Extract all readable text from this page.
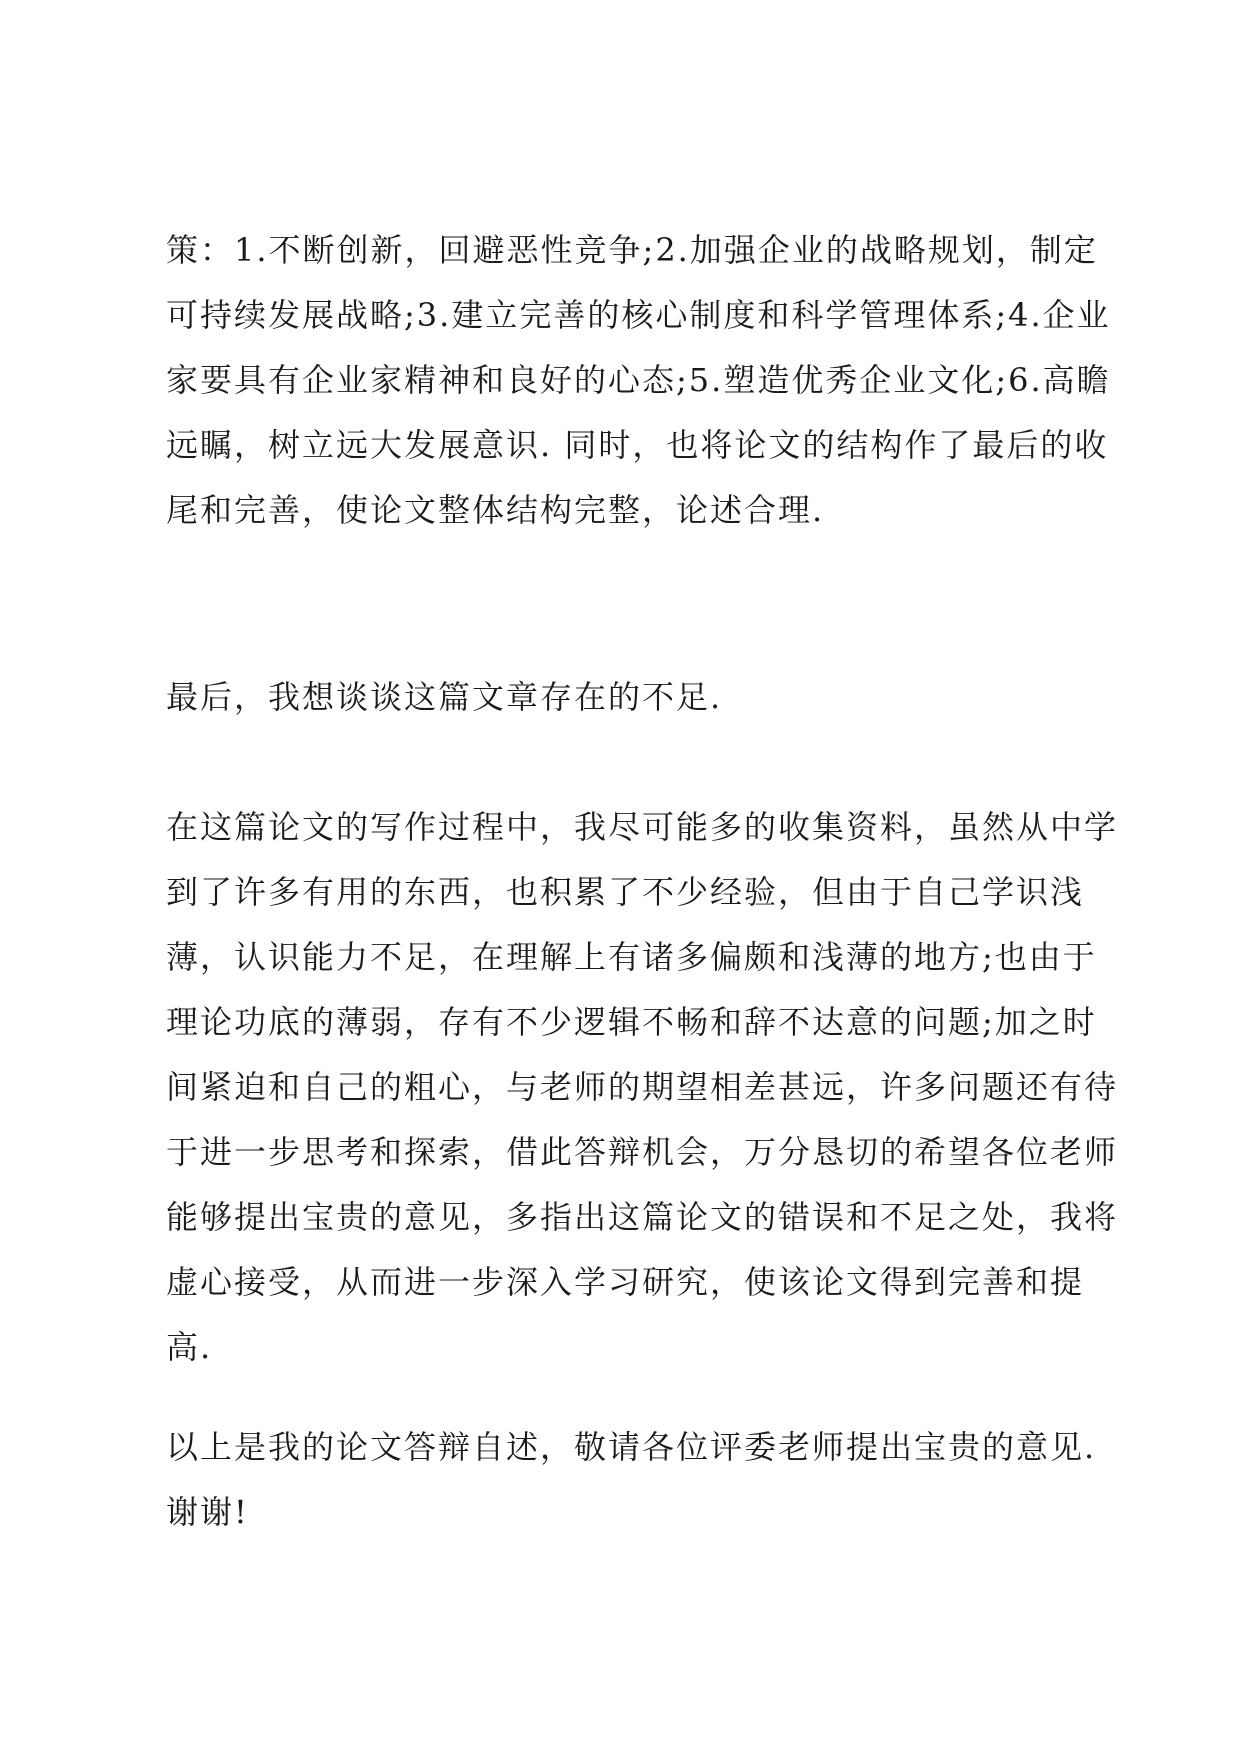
策：1.不断创新，回避恶性竞争;2.加强企业的战略规划，制定
可持续发展战略;3.建立完善的核心制度和科学管理体系;4.企业
家要具有企业家精神和良好的心态;5.塑造优秀企业文化;6.高瞻
远瞩，树立远大发展意识. 同时，也将论文的结构作了最后的收
尾和完善，使论文整体结构完整，论述合理.
最后，我想谈谈这篇文章存在的不足.
在这篇论文的写作过程中，我尽可能多的收集资料，虽然从中学
到了许多有用的东西，也积累了不少经验，但由于自己学识浅
薄，认识能力不足，在理解上有诸多偏颇和浅薄的地方;也由于
理论功底的薄弱，存有不少逻辑不畅和辞不达意的问题;加之时
间紧迫和自己的粗心，与老师的期望相差甚远，许多问题还有待
于进一步思考和探索，借此答辩机会，万分恳切的希望各位老师
能够提出宝贵的意见，多指出这篇论文的错误和不足之处，我将
虚心接受，从而进一步深入学习研究，使该论文得到完善和提
高.
以上是我的论文答辩自述，敬请各位评委老师提出宝贵的意见.
谢谢!
